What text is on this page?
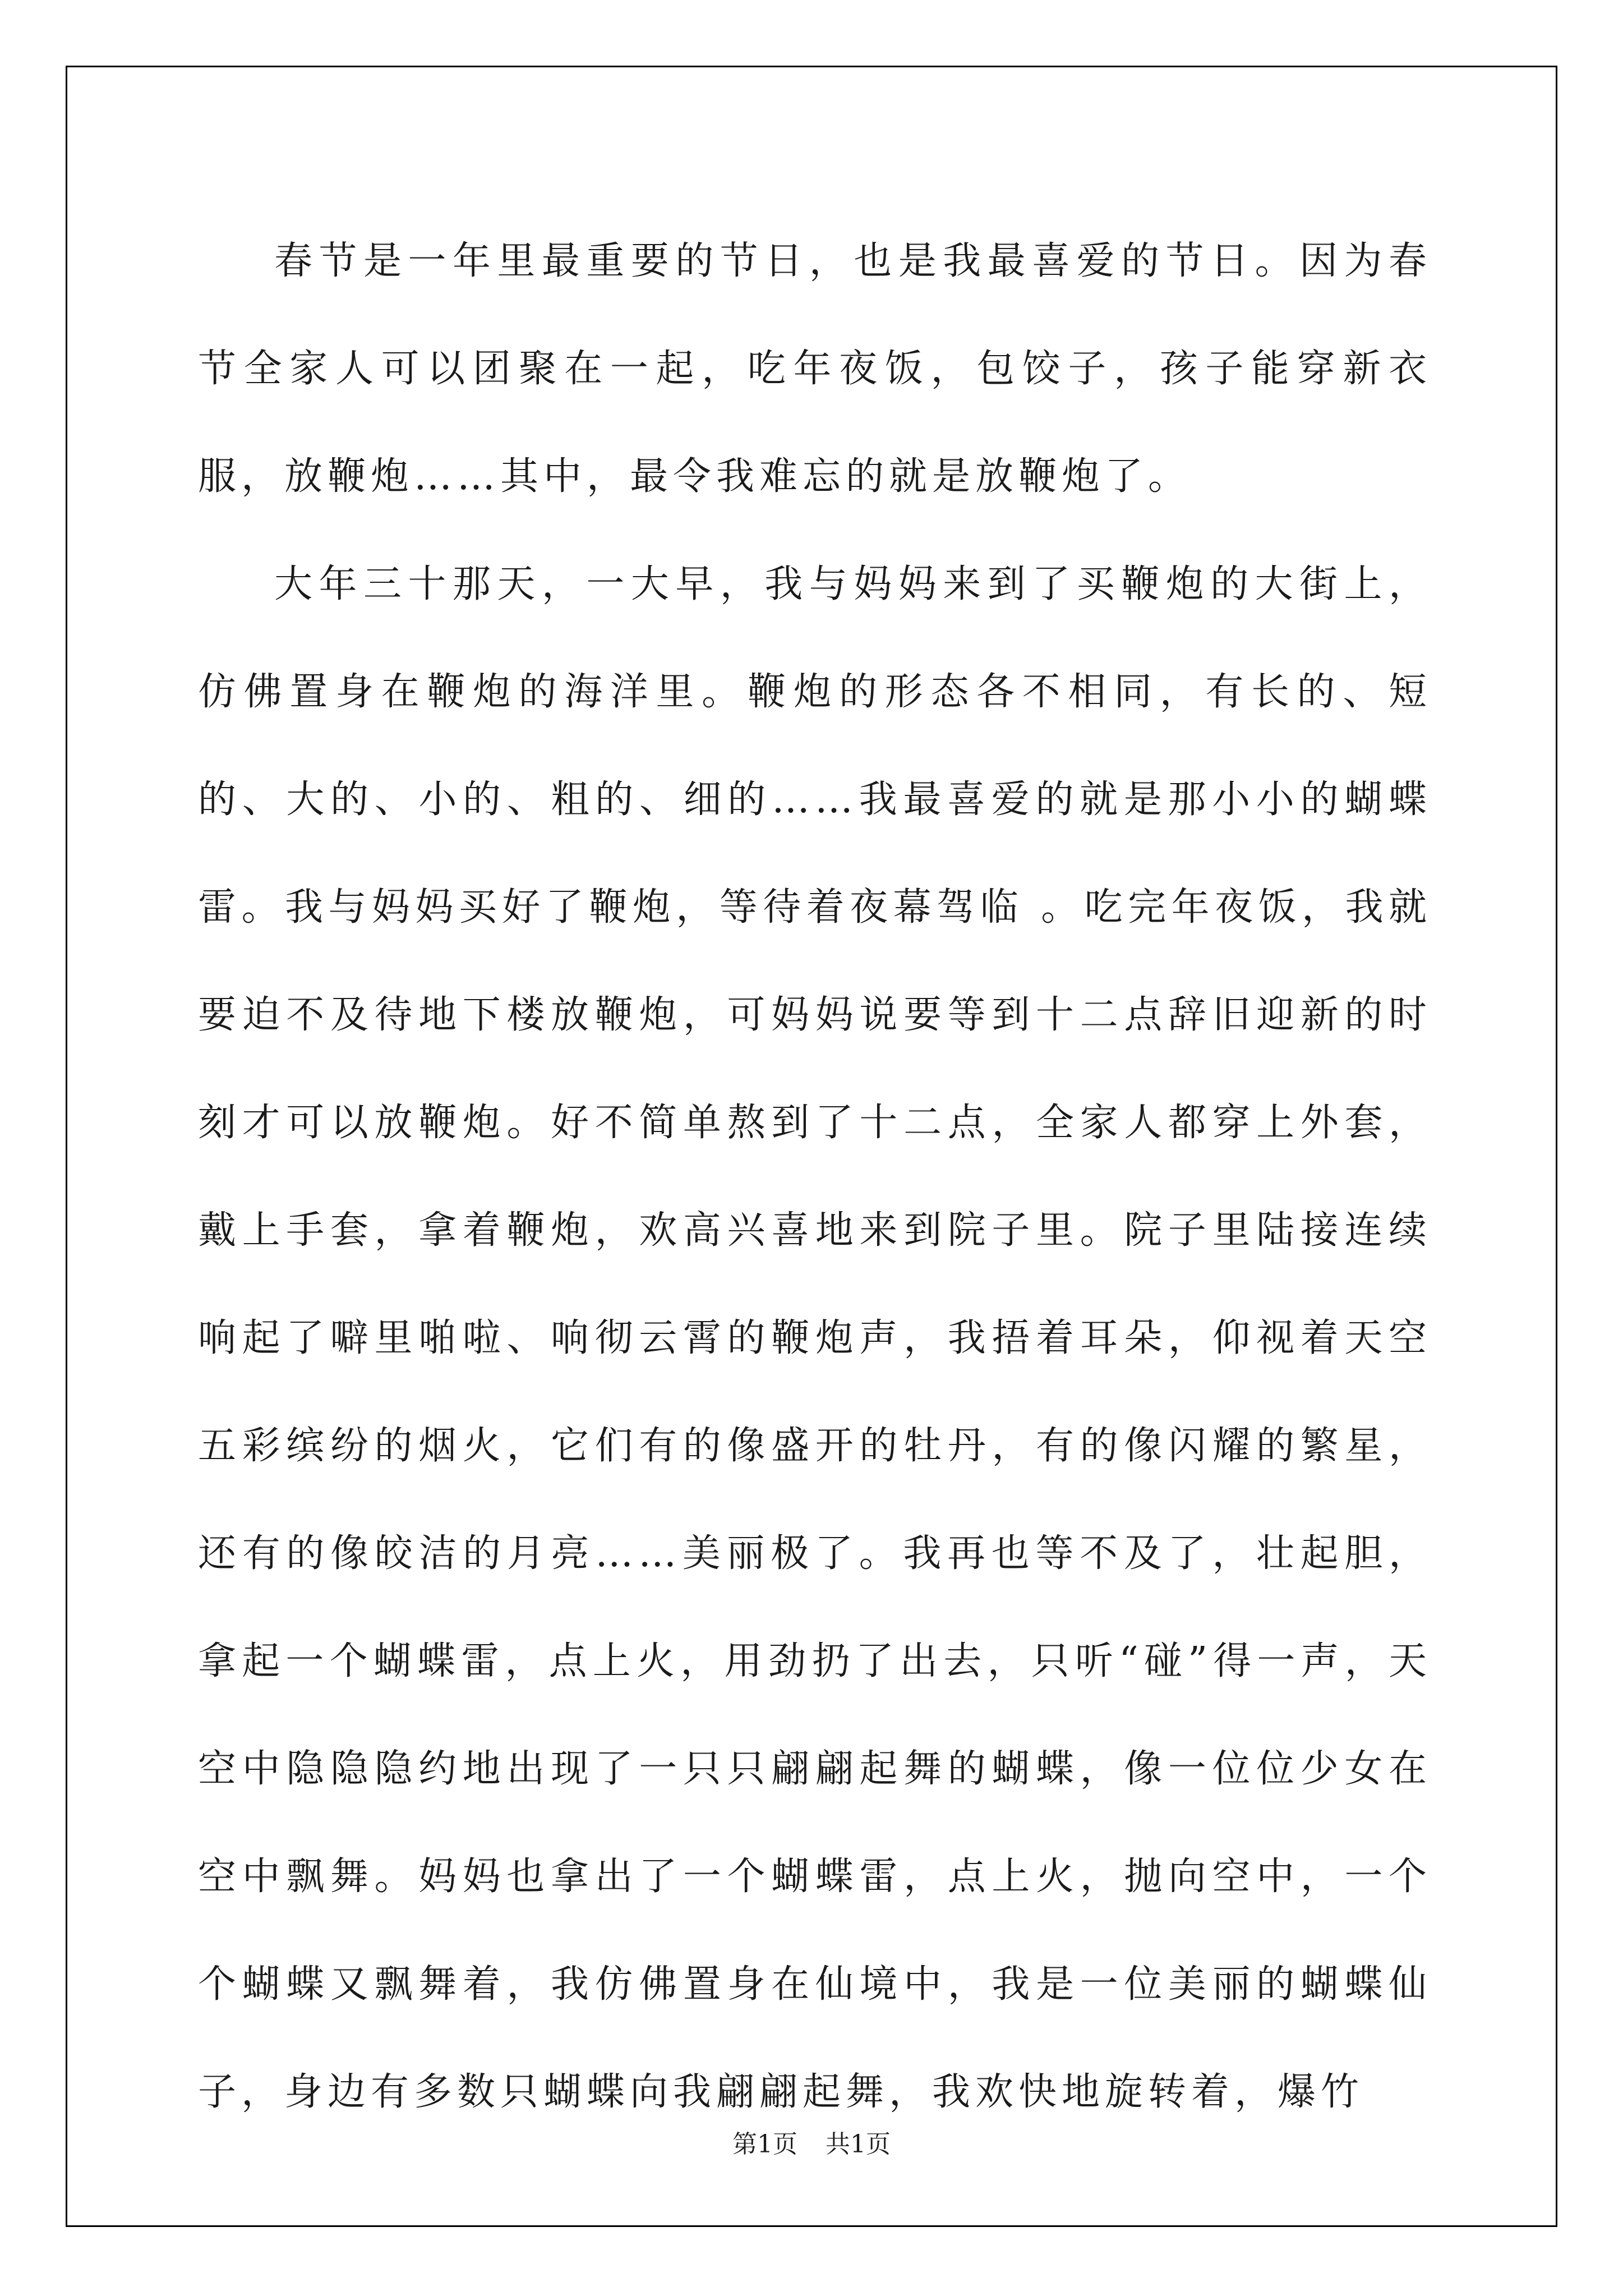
春节是一年里最重要的节日，也是我最喜爱的节日。因为春节全家人可以团聚在一起，吃年夜饭，包饺子，孩子能穿新衣服，放鞭炮……其中，最令我难忘的就是放鞭炮了。

大年三十那天，一大早，我与妈妈来到了买鞭炮的大街上，仿佛置身在鞭炮的海洋里。鞭炮的形态各不相同，有长的、短的、大的、小的、粗的、细的……我最喜爱的就是那小小的蝴蝶雷。我与妈妈买好了鞭炮，等待着夜幕驾临 。吃完年夜饭，我就要迫不及待地下楼放鞭炮，可妈妈说要等到十二点辞旧迎新的时刻才可以放鞭炮。好不简单熬到了十二点，全家人都穿上外套，戴上手套，拿着鞭炮，欢高兴喜地来到院子里。院子里陆接连续响起了噼里啪啦、响彻云霄的鞭炮声，我捂着耳朵，仰视着天空五彩缤纷的烟火，它们有的像盛开的牡丹，有的像闪耀的繁星，还有的像皎洁的月亮……美丽极了。我再也等不及了，壮起胆，拿起一个蝴蝶雷，点上火，用劲扔了出去，只听“碰”得一声，天空中隐隐隐约地出现了一只只翩翩起舞的蝴蝶，像一位位少女在空中飘舞。妈妈也拿出了一个蝴蝶雷，点上火，抛向空中，一个个蝴蝶又飘舞着，我仿佛置身在仙境中，我是一位美丽的蝴蝶仙子，身边有多数只蝴蝶向我翩翩起舞，我欢快地旋转着，爆竹

第1页 共1页
